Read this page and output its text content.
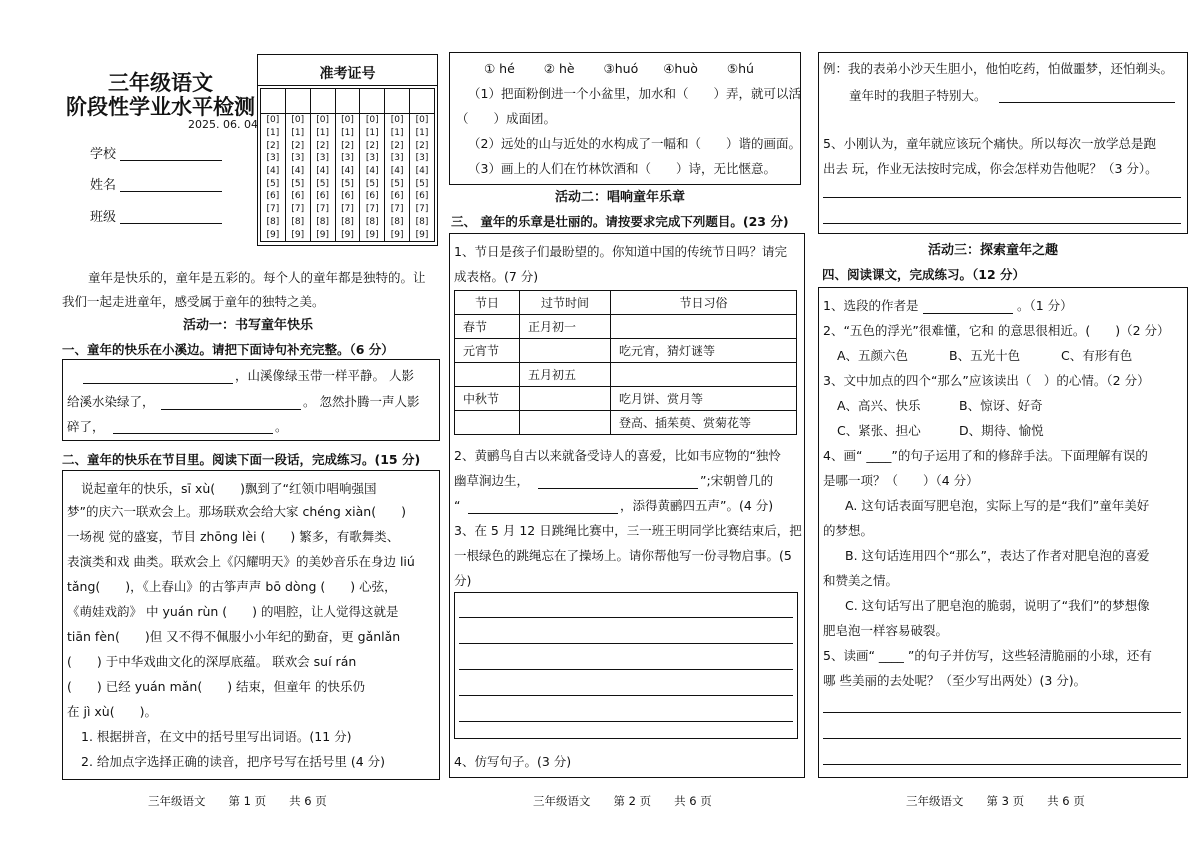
三年级语文
阶段性学业水平检测
2025. 06. 04
准考证号

[0]	[0]	[0]	[0]	[0]	[0]	[0]
[1]	[1]	[1]	[1]	[1]	[1]	[1]
[2]	[2]	[2]	[2]	[2]	[2]	[2]
[3]	[3]	[3]	[3]	[3]	[3]	[3]
[4]	[4]	[4]	[4]	[4]	[4]	[4]
[5]	[5]	[5]	[5]	[5]	[5]	[5]
[6]	[6]	[6]	[6]	[6]	[6]	[6]
[7]	[7]	[7]	[7]	[7]	[7]	[7]
[8]	[8]	[8]	[8]	[8]	[8]	[8]
[9]	[9]	[9]	[9]	[9]	[9]	[9]
学校
姓名
班级
童年是快乐的，童年是五彩的。每个人的童年都是独特的。让
我们一起走进童年，感受属于童年的独特之美。
活动一：书写童年快乐
一、童年的快乐在小溪边。请把下面诗句补充完整。（6 分）
，山溪像绿玉带一样平静。 人影
给溪水染绿了，	。 忽然扑腾一声人影
碎了，	。
二、童年的快乐在节目里。阅读下面一段话，完成练习。(15 分)
说起童年的快乐，sī xù(　　)飘到了“红领巾唱响强国
梦”的庆六一联欢会上。那场联欢会给大家 chéng xiàn(　　)
一场视 觉的盛宴，节目 zhōng lèi (　　) 繁多，有歌舞类、
表演类和戏 曲类。联欢会上《闪耀明天》的美妙音乐在身边 liú
tǎng(　　)，《上春山》的古筝声声 bō dòng (　　) 心弦，
《萌娃戏韵》 中 yuán rùn (　　) 的唱腔，让人觉得这就是
tiān fèn(　　)但 又不得不佩服小小年纪的勤奋，更 gǎnlǎn
(　　) 于中华戏曲文化的深厚底蕴。 联欢会 suí rán
(　　) 已经 yuán mǎn(　　) 结束，但童年 的快乐仍
在 jì xù(　　)。
1. 根据拼音，在文中的括号里写出词语。(11 分)
2. 给加点字选择正确的读音，把序号写在括号里 (4 分)
三年级语文　　第 1 页　　共 6 页
① hé　　 ② hè　　 ③huó　　④huò　　 ⑤hú
（1）把面粉倒进一个小盆里，加水和（　　）弄，就可以活
（　　）成面团。
（2）远处的山与近处的水构成了一幅和（　　）谐的画面。
（3）画上的人们在竹林饮酒和（　　）诗，无比惬意。
活动二：唱响童年乐章
三、 童年的乐章是壮丽的。请按要求完成下列题目。(23 分)
1、节日是孩子们最盼望的。你知道中国的传统节日吗？请完
成表格。(7 分)
节日	过节时间	节日习俗
春节	正月初一	
元宵节		吃元宵，猜灯谜等
	五月初五	
中秋节		吃月饼、赏月等
		登高、插茱萸、赏菊花等
2、黄鹂鸟自古以来就备受诗人的喜爱，比如韦应物的“独怜
幽草涧边生，	”;宋朝曾几的
“	，添得黄鹂四五声”。(4 分)
3、在 5 月 12 日跳绳比赛中，三一班王明同学比赛结束后，把
一根绿色的跳绳忘在了操场上。请你帮他写一份寻物启事。(5
分)
4、仿写句子。(3 分)
三年级语文　　第 2 页　　共 6 页
例：我的表弟小沙天生胆小，他怕吃药，怕做噩梦，还怕剃头。
童年时的我胆子特别大。
5、小刚认为，童年就应该玩个痛快。所以每次一放学总是跑
出去 玩，作业无法按时完成，你会怎样劝告他呢？（3 分）。
活动三：探索童年之趣
四、阅读课文，完成练习。（12 分）
1、选段的作者是	。（1 分）
2、“五色的浮光”很难懂，它和 的意思很相近。(　　)（2 分）
A、五颜六色	B、五光十色	C、有形有色
3、文中加点的四个“那么”应该读出（　）的心情。（2 分）
A、高兴、快乐	B、惊讶、好奇
C、紧张、担心	D、期待、愉悦
4、画“ ____”的句子运用了和的修辞手法。下面理解有误的
是哪一项？（　　）（4 分）
A. 这句话表面写肥皂泡，实际上写的是“我们”童年美好
的梦想。
B. 这句话连用四个“那么”，表达了作者对肥皂泡的喜爱
和赞美之情。
C. 这句话写出了肥皂泡的脆弱，说明了“我们”的梦想像
肥皂泡一样容易破裂。
5、读画“ ____ ”的句子并仿写，这些轻清脆丽的小球，还有
哪 些美丽的去处呢？（至少写出两处）(3 分)。
三年级语文　　第 3 页　　共 6 页
